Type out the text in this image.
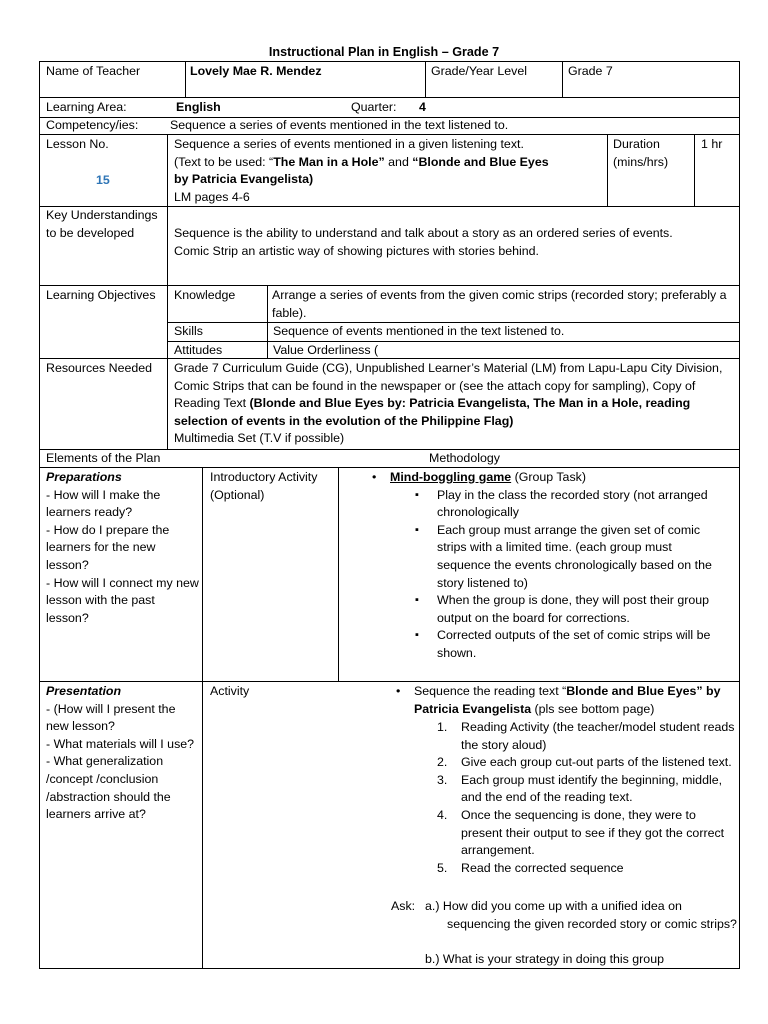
Instructional Plan in English – Grade 7
Name of Teacher	Lovely Mae R. Mendez	Grade/Year Level	Grade 7
Learning Area:	English	Quarter: 4
Competency/ies:	Sequence a series of events mentioned in the text listened to.
Lesson No.
15
Sequence a series of events mentioned in a given listening text.
(Text to be used: “The Man in a Hole” and “Blonde and Blue Eyes
by Patricia Evangelista)
LM pages 4-6
Duration (mins/hrs)
1 hr
Key Understandings to be developed	Sequence is the ability to understand and talk about a story as an ordered series of events.
Comic Strip an artistic way of showing pictures with stories behind.
Learning Objectives	Knowledge	Arrange a series of events from the given comic strips (recorded story; preferably a fable).
Skills	Sequence of events mentioned in the text listened to.
Attitudes	Value Orderliness (
Resources Needed	Grade 7 Curriculum Guide (CG), Unpublished Learner’s Material (LM) from Lapu-Lapu City Division, Comic Strips that can be found in the newspaper or (see the attach copy for sampling), Copy of Reading Text (Blonde and Blue Eyes by: Patricia Evangelista, The Man in a Hole, reading selection of events in the evolution of the Philippine Flag)
Multimedia Set (T.V if possible)
Elements of the Plan	Methodology
Preparations
- How will I make the learners ready?
- How do I prepare the learners for the new lesson?
- How will I connect my new lesson with the past lesson?
Introductory Activity (Optional)
• Mind-boggling game (Group Task)
▪ Play in the class the recorded story (not arranged chronologically
▪ Each group must arrange the given set of comic strips with a limited time. (each group must sequence the events chronologically based on the story listened to)
▪ When the group is done, they will post their group output on the board for corrections.
▪ Corrected outputs of the set of comic strips will be shown.
Presentation
- (How will I present the new lesson?
- What materials will I use?
- What generalization /concept /conclusion /abstraction should the learners arrive at?
Activity
•	Sequence the reading text “Blonde and Blue Eyes” by Patricia Evangelista (pls see bottom page)
1. Reading Activity (the teacher/model student reads the story aloud)
2. Give each group cut-out parts of the listened text.
3. Each group must identify the beginning, middle, and the end of the reading text.
4. Once the sequencing is done, they were to present their output to see if they got the correct arrangement.
5. Read the corrected sequence
Ask: a.) How did you come up with a unified idea on sequencing the given recorded story or comic strips?
b.) What is your strategy in doing this group
